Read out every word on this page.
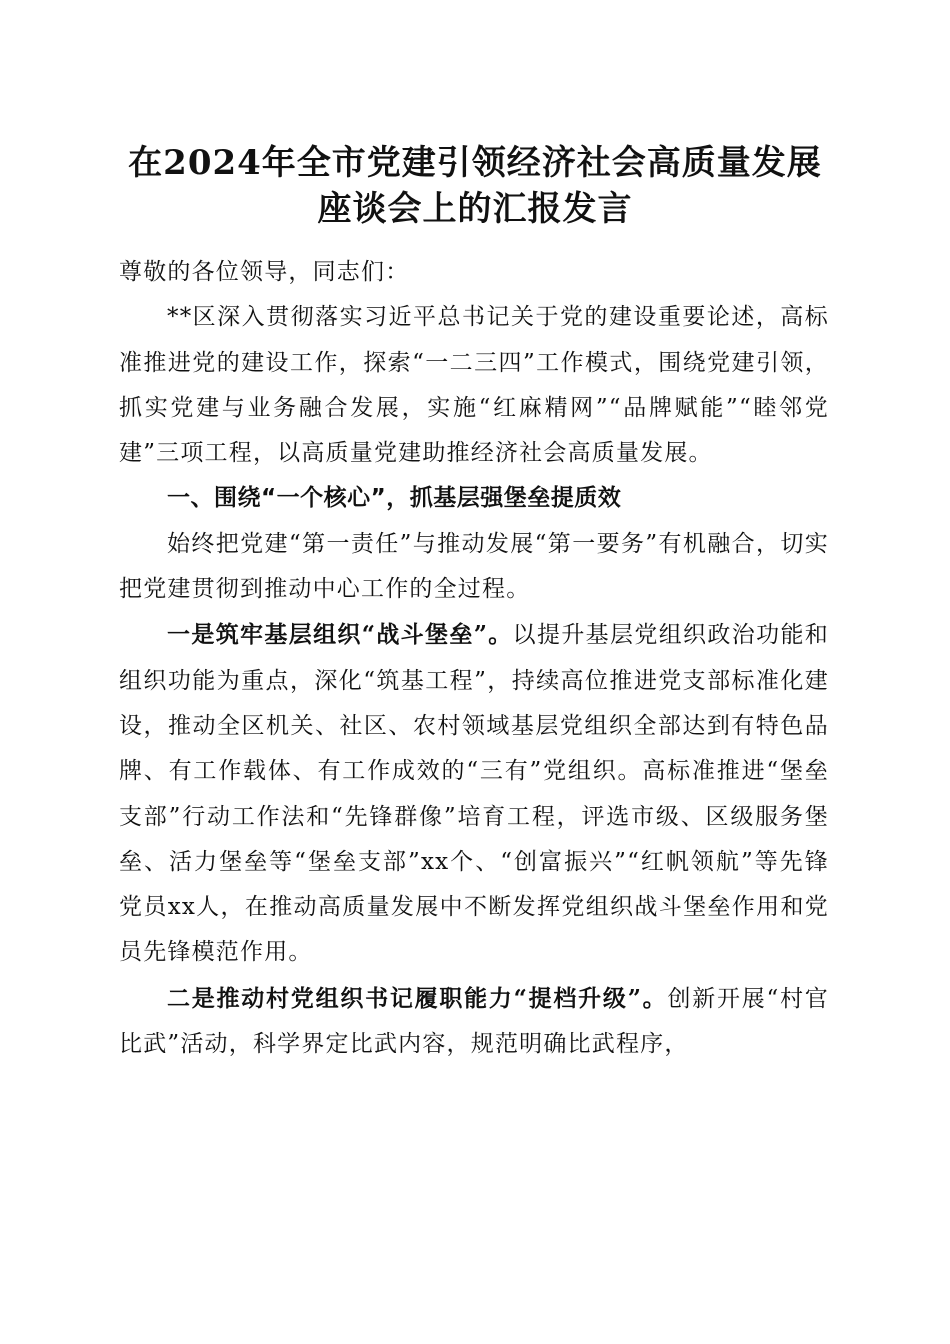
在2024年全市党建引领经济社会高质量发展
座谈会上的汇报发言

尊敬的各位领导，同志们：

**区深入贯彻落实习近平总书记关于党的建设重要论述，高标准推进党的建设工作，探索“一二三四”工作模式，围绕党建引领，抓实党建与业务融合发展，实施“红麻精网”“品牌赋能”“睦邻党建”三项工程，以高质量党建助推经济社会高质量发展。

一、围绕“一个核心”，抓基层强堡垒提质效

始终把党建“第一责任”与推动发展“第一要务”有机融合，切实把党建贯彻到推动中心工作的全过程。

一是筑牢基层组织“战斗堡垒”。以提升基层党组织政治功能和组织功能为重点，深化“筑基工程”，持续高位推进党支部标准化建设，推动全区机关、社区、农村领域基层党组织全部达到有特色品牌、有工作载体、有工作成效的“三有”党组织。高标准推进“堡垒支部”行动工作法和“先锋群像”培育工程，评选市级、区级服务堡垒、活力堡垒等“堡垒支部”xx个、“创富振兴”“红帆领航”等先锋党员xx人，在推动高质量发展中不断发挥党组织战斗堡垒作用和党员先锋模范作用。

二是推动村党组织书记履职能力“提档升级”。创新开展“村官比武”活动，科学界定比武内容，规范明确比武程序，
